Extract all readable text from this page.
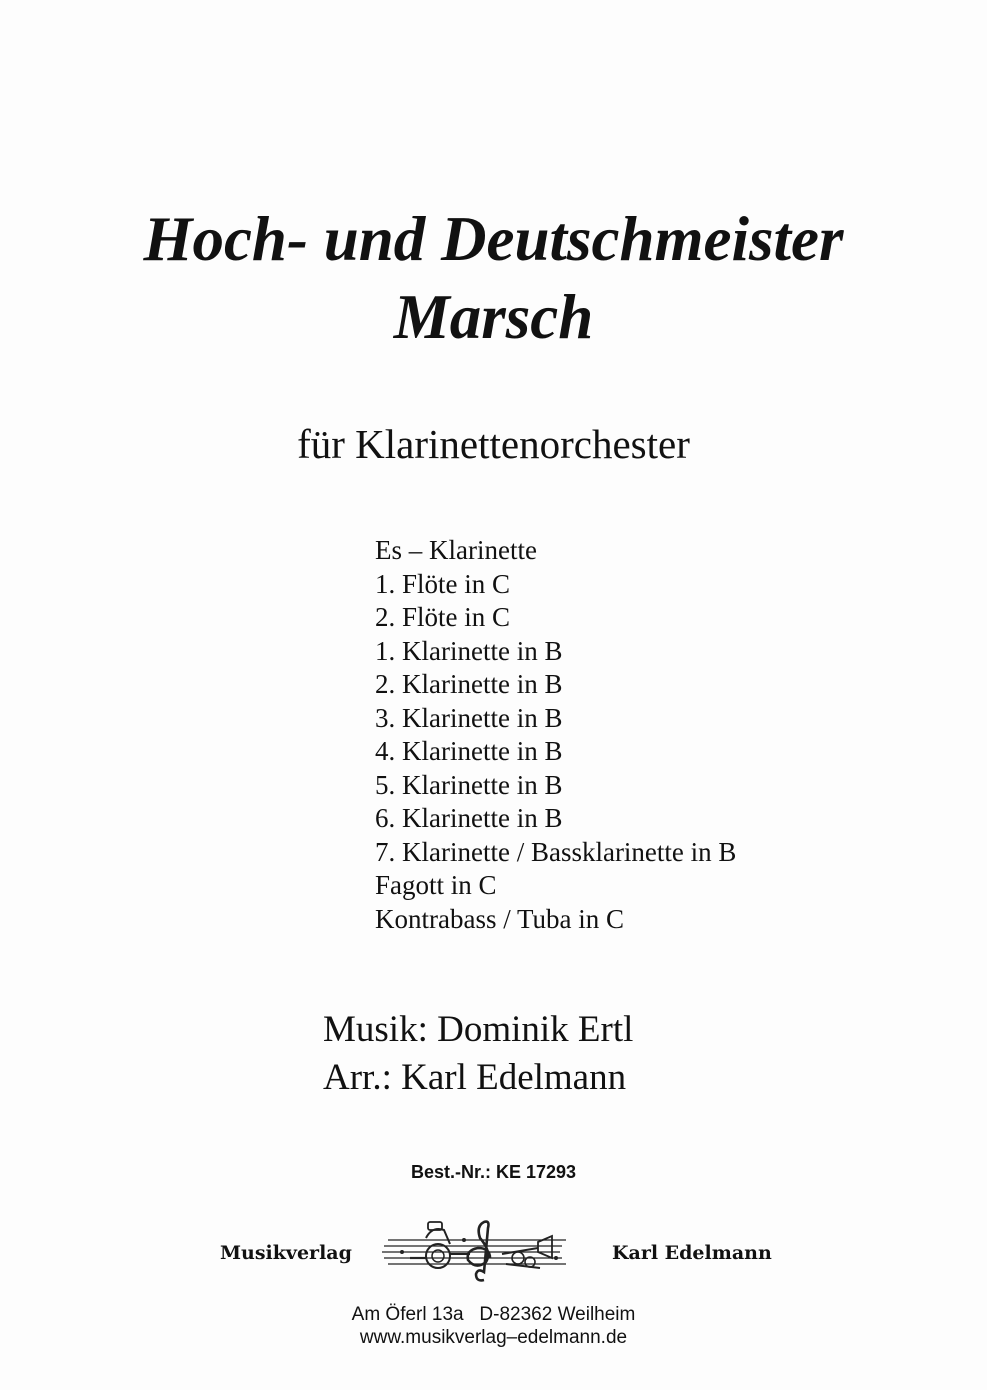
Hoch- und Deutschmeister
Marsch
für Klarinettenorchester
Es – Klarinette
1. Flöte in C
2. Flöte in C
1. Klarinette in B
2. Klarinette in B
3. Klarinette in B
4. Klarinette in B
5. Klarinette in B
6. Klarinette in B
7. Klarinette / Bassklarinette in B
Fagott in C
Kontrabass / Tuba in C
Musik: Dominik Ertl
Arr.: Karl Edelmann
Best.-Nr.: KE 17293
Musikverlag	Karl Edelmann
Am Öferl 13a   D-82362 Weilheim
www.musikverlag–edelmann.de
